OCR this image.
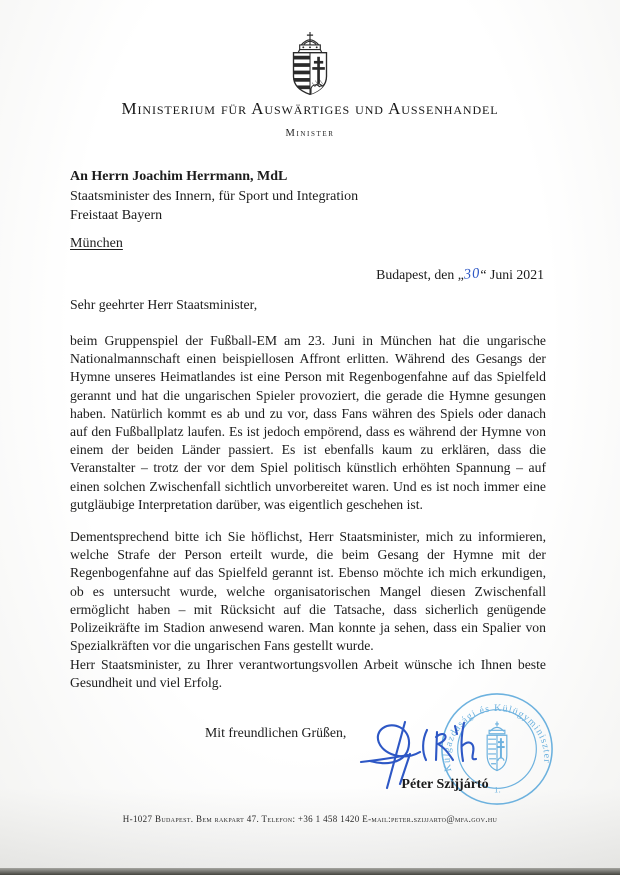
Ministerium für Auswärtiges und Aussenhandel
Minister
An Herrn Joachim Herrmann, MdL
Staatsminister des Innern, für Sport und Integration
Freistaat Bayern
München
Budapest, den „30“ Juni 2021
Sehr geehrter Herr Staatsminister,
beim Gruppenspiel der Fußball-EM am 23. Juni in München hat die ungarische Nationalmannschaft einen beispiellosen Affront erlitten. Während des Gesangs der Hymne unseres Heimatlandes ist eine Person mit Regenbogenfahne auf das Spielfeld gerannt und hat die ungarischen Spieler provoziert, die gerade die Hymne gesungen haben. Natürlich kommt es ab und zu vor, dass Fans währen des Spiels oder danach auf den Fußballplatz laufen. Es ist jedoch empörend, dass es während der Hymne von einem der beiden Länder passiert. Es ist ebenfalls kaum zu erklären, dass die Veranstalter – trotz der vor dem Spiel politisch künstlich erhöhten Spannung – auf einen solchen Zwischenfall sichtlich unvorbereitet waren. Und es ist noch immer eine gutgläubige Interpretation darüber, was eigentlich geschehen ist.
Dementsprechend bitte ich Sie höflichst, Herr Staatsminister, mich zu informieren, welche Strafe der Person erteilt wurde, die beim Gesang der Hymne mit der Regenbogenfahne auf das Spielfeld gerannt ist. Ebenso möchte ich mich erkundigen, ob es untersucht wurde, welche organisatorischen Mangel diesen Zwischenfall ermöglicht haben – mit Rücksicht auf die Tatsache, dass sicherlich genügende Polizeikräfte im Stadion anwesend waren. Man konnte ja sehen, dass ein Spalier von Spezialkräften vor die ungarischen Fans gestellt wurde.
Herr Staatsminister, zu Ihrer verantwortungsvollen Arbeit wünsche ich Ihnen beste Gesundheit und viel Erfolg.
Mit freundlichen Grüßen,
Külgazdasági és Külügyminiszter
1.
Péter Szijjártó
H-1027 Budapest. Bem rakpart 47. Telefon: +36 1 458 1420 E-mail:peter.szijjarto@mfa.gov.hu
